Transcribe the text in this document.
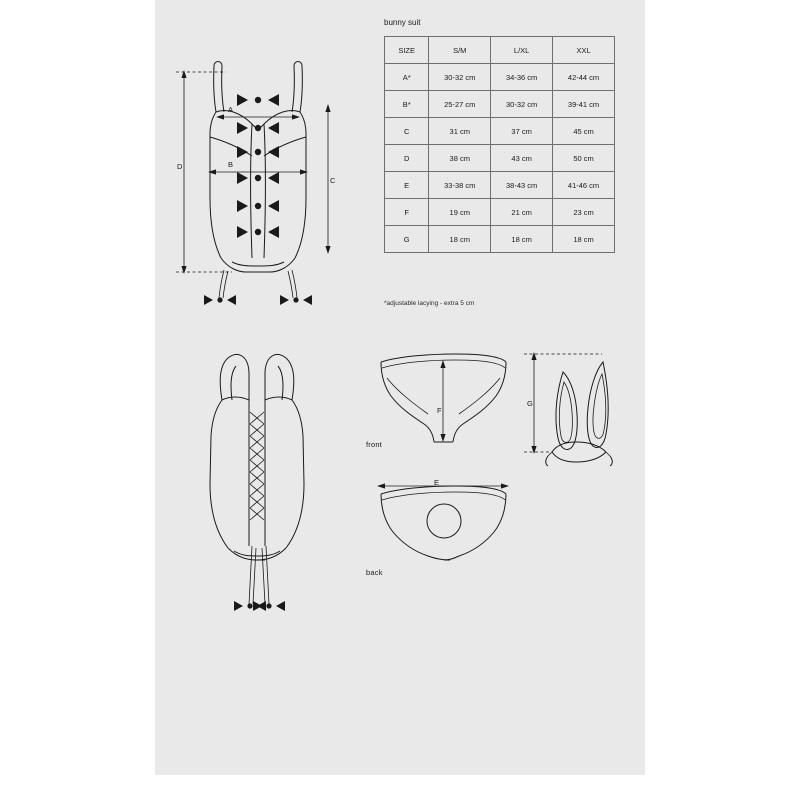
bunny suit
SIZE	S/M	L/XL	XXL
A*	30-32 cm	34-36 cm	42-44 cm
B*	25-27 cm	30-32 cm	39-41 cm
C	31 cm	37 cm	45 cm
D	38 cm	43 cm	50 cm
E	33-38 cm	38-43 cm	41-46 cm
F	19 cm	21 cm	23 cm
G	18 cm	18 cm	18 cm
*adjustable lacying - extra 5 cm
A
B
C
D
E
F
G
front
back
